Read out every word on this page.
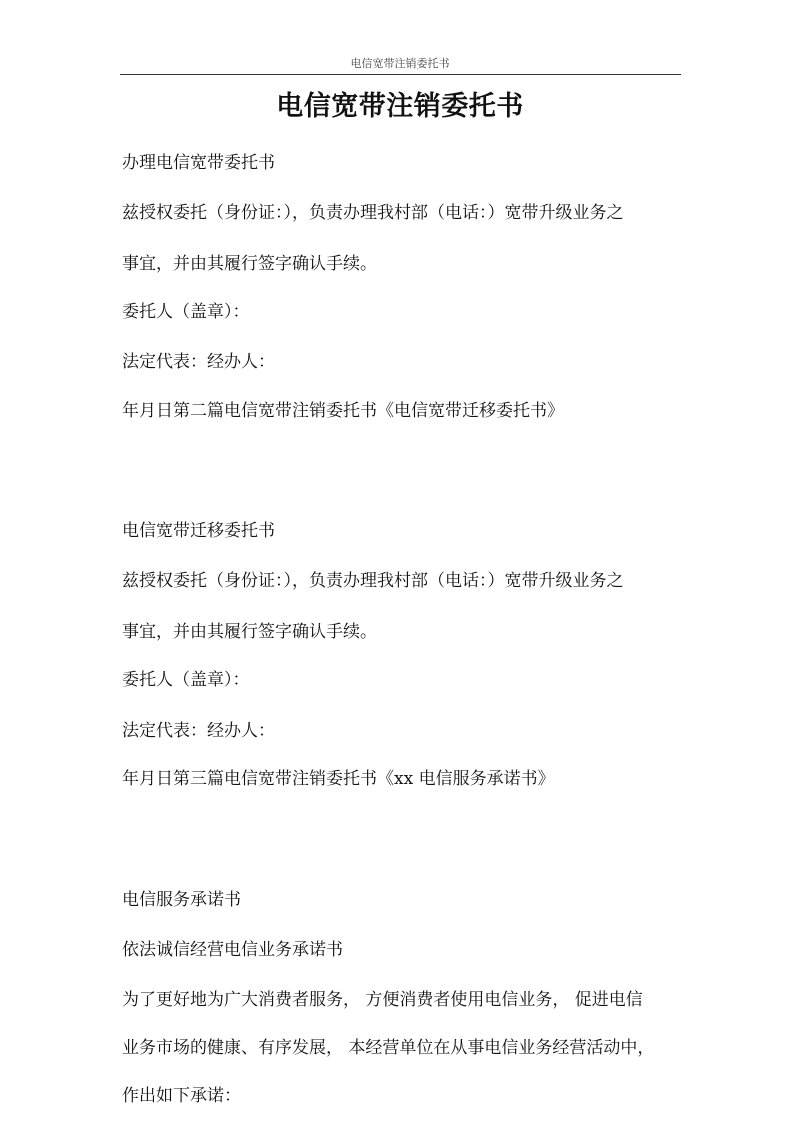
电信宽带注销委托书
电信宽带注销委托书
办理电信宽带委托书
兹授权委托（身份证：），负责办理我村部（电话：）宽带升级业务之
事宜，并由其履行签字确认手续。
委托人（盖章）：
法定代表：经办人：
年月日第二篇电信宽带注销委托书《电信宽带迁移委托书》
电信宽带迁移委托书
兹授权委托（身份证：），负责办理我村部（电话：）宽带升级业务之
事宜，并由其履行签字确认手续。
委托人（盖章）：
法定代表：经办人：
年月日第三篇电信宽带注销委托书《xx 电信服务承诺书》
电信服务承诺书
依法诚信经营电信业务承诺书
为了更好地为广大消费者服务， 方便消费者使用电信业务， 促进电信
业务市场的健康、有序发展， 本经营单位在从事电信业务经营活动中，
作出如下承诺：
